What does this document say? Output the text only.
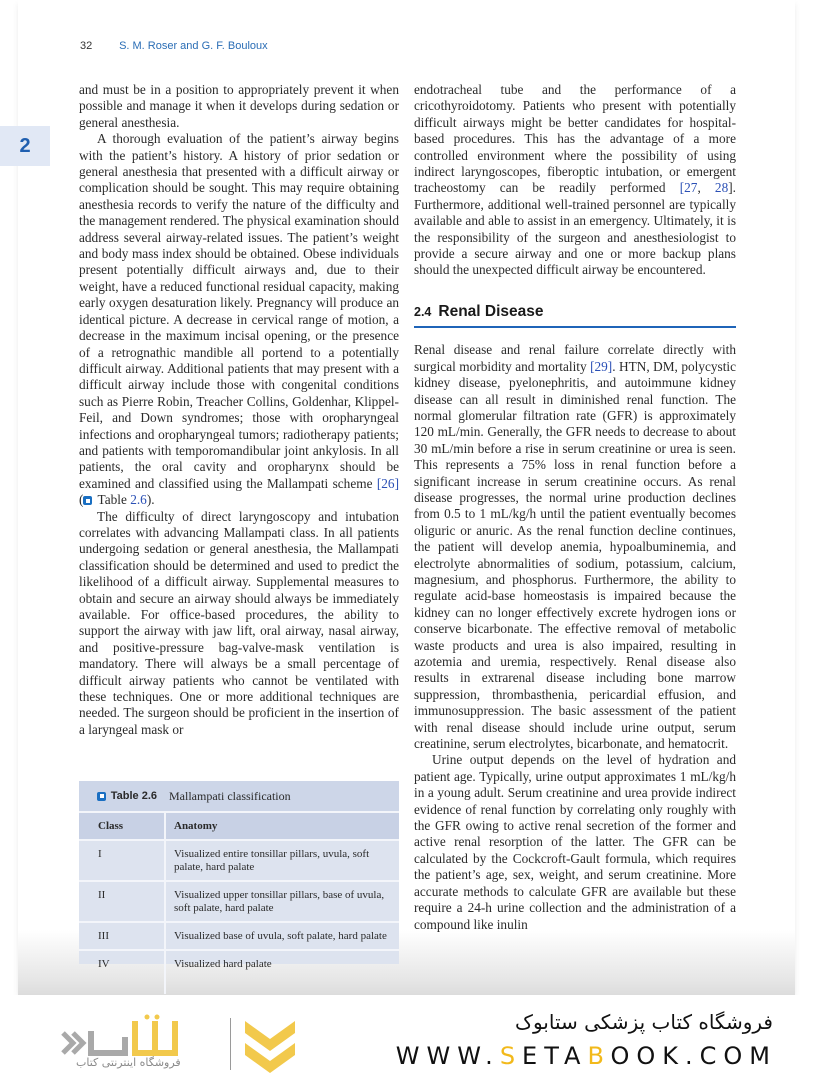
32 S. M. Roser and G. F. Bouloux
2

and must be in a position to appropriately prevent it when possible and manage it when it develops during sedation or general anesthesia.

A thorough evaluation of the patient’s airway begins with the patient’s history. A history of prior sedation or general anesthesia that presented with a difficult airway or complication should be sought. This may require obtaining anesthesia records to verify the nature of the difficulty and the management rendered. The physical examination should address several airway-related issues. The patient’s weight and body mass index should be obtained. Obese individuals present potentially difficult airways and, due to their weight, have a reduced functional residual capacity, making early oxygen desaturation likely. Pregnancy will produce an identical picture. A decrease in cervical range of motion, a decrease in the maximum incisal opening, or the presence of a retrognathic mandible all portend to a potentially difficult airway. Additional patients that may present with a difficult airway include those with congenital conditions such as Pierre Robin, Treacher Collins, Goldenhar, Klippel-Feil, and Down syndromes; those with oropharyngeal infections and oropharyngeal tumors; radiotherapy patients; and patients with temporomandibular joint ankylosis. In all patients, the oral cavity and oropharynx should be examined and classified using the Mallampati scheme [26] ( Table 2.6).

The difficulty of direct laryngoscopy and intubation correlates with advancing Mallampati class. In all patients undergoing sedation or general anesthesia, the Mallampati classification should be determined and used to predict the likelihood of a difficult airway. Supplemental measures to obtain and secure an airway should always be immediately available. For office-based procedures, the ability to support the airway with jaw lift, oral airway, nasal airway, and positive-pressure bag-valve-mask ventilation is mandatory. There will always be a small percentage of difficult airway patients who cannot be ventilated with these techniques. One or more additional techniques are needed. The surgeon should be proficient in the insertion of a laryngeal mask or

Table 2.6 Mallampati classification
Class	Anatomy
I	Visualized entire tonsillar pillars, uvula, soft palate, hard palate
II	Visualized upper tonsillar pillars, base of uvula, soft palate, hard palate
III	Visualized base of uvula, soft palate, hard palate
IV	Visualized hard palate

endotracheal tube and the performance of a cricothyroidotomy. Patients who present with potentially difficult airways might be better candidates for hospital-based procedures. This has the advantage of a more controlled environment where the possibility of using indirect laryngoscopes, fiberoptic intubation, or emergent tracheostomy can be readily performed [27, 28]. Furthermore, additional well-trained personnel are typically available and able to assist in an emergency. Ultimately, it is the responsibility of the surgeon and anesthesiologist to provide a secure airway and one or more backup plans should the unexpected difficult airway be encountered.

2.4 Renal Disease

Renal disease and renal failure correlate directly with surgical morbidity and mortality [29]. HTN, DM, polycystic kidney disease, pyelonephritis, and autoimmune kidney disease can all result in diminished renal function. The normal glomerular filtration rate (GFR) is approximately 120 mL/min. Generally, the GFR needs to decrease to about 30 mL/min before a rise in serum creatinine or urea is seen. This represents a 75% loss in renal function before a significant increase in serum creatinine occurs. As renal disease progresses, the normal urine production declines from 0.5 to 1 mL/kg/h until the patient eventually becomes oliguric or anuric. As the renal function decline continues, the patient will develop anemia, hypoalbuminemia, and electrolyte abnormalities of sodium, potassium, calcium, magnesium, and phosphorus. Furthermore, the ability to regulate acid-base homeostasis is impaired because the kidney can no longer effectively excrete hydrogen ions or conserve bicarbonate. The effective removal of metabolic waste products and urea is also impaired, resulting in azotemia and uremia, respectively. Renal disease also results in extrarenal disease including bone marrow suppression, thrombasthenia, pericardial effusion, and immunosuppression. The basic assessment of the patient with renal disease should include urine output, serum creatinine, serum electrolytes, bicarbonate, and hematocrit.

Urine output depends on the level of hydration and patient age. Typically, urine output approximates 1 mL/kg/h in a young adult. Serum creatinine and urea provide indirect evidence of renal function by correlating only roughly with the GFR owing to active renal secretion of the former and active renal resorption of the latter. The GFR can be calculated by the Cockcroft-Gault formula, which requires the patient’s age, sex, weight, and serum creatinine. More accurate methods to calculate GFR are available but these require a 24-h urine collection and the administration of a compound like inulin

فروشگاه اینترنتی کتاب
فروشگاه کتاب پزشکی ستابوک
WWW.SETABOOK.COM
